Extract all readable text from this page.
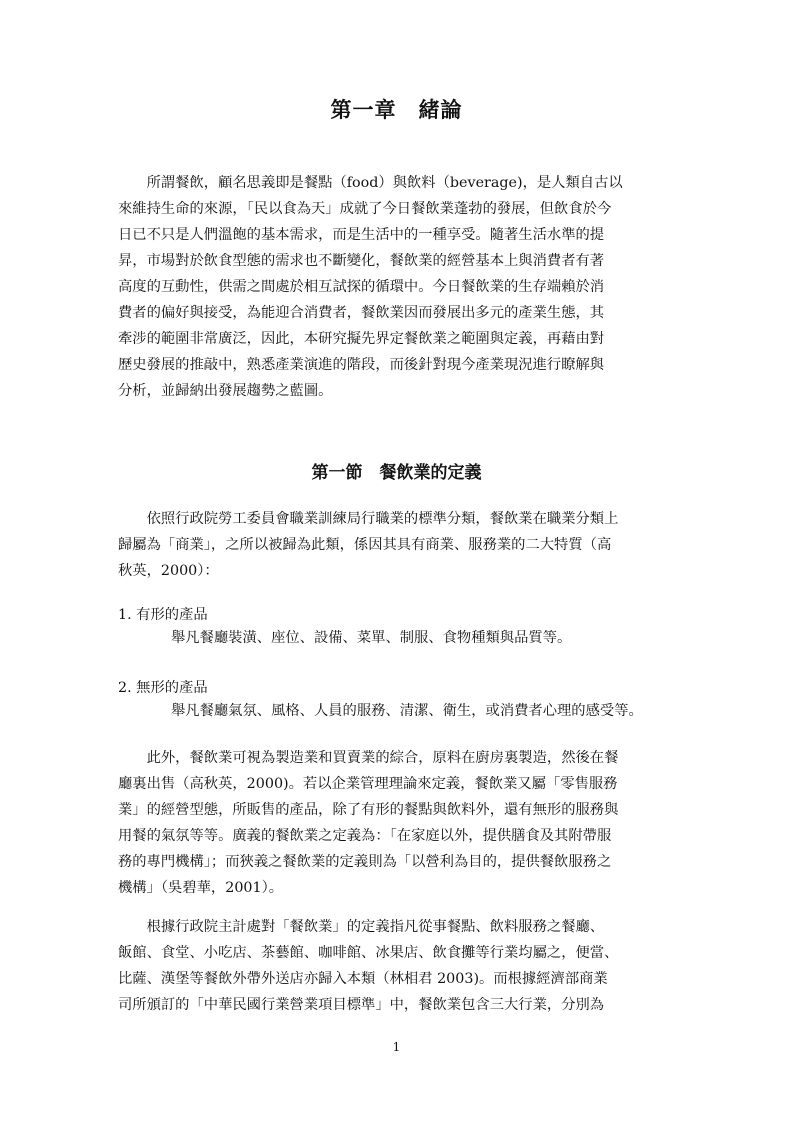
第一章　緒論
　　所謂餐飲，顧名思義即是餐點（food）與飲料（beverage)，是人類自古以
來維持生命的來源，「民以食為天」成就了今日餐飲業蓬勃的發展，但飲食於今
日已不只是人們溫飽的基本需求，而是生活中的一種享受。隨著生活水準的提
昇，市場對於飲食型態的需求也不斷變化，餐飲業的經營基本上與消費者有著
高度的互動性，供需之間處於相互試探的循環中。今日餐飲業的生存端賴於消
費者的偏好與接受，為能迎合消費者，餐飲業因而發展出多元的產業生態，其
牽涉的範圍非常廣泛，因此，本研究擬先界定餐飲業之範圍與定義，再藉由對
歷史發展的推敲中，熟悉產業演進的階段，而後針對現今產業現況進行瞭解與
分析，並歸納出發展趨勢之藍圖。
第一節　餐飲業的定義
　　依照行政院勞工委員會職業訓練局行職業的標準分類，餐飲業在職業分類上
歸屬為「商業」，之所以被歸為此類，係因其具有商業、服務業的二大特質（高
秋英，2000）：
1. 有形的產品
舉凡餐廳裝潢、座位、設備、菜單、制服、食物種類與品質等。
2. 無形的產品
舉凡餐廳氣氛、風格、人員的服務、清潔、衛生，或消費者心理的感受等。
　　此外，餐飲業可視為製造業和買賣業的綜合，原料在廚房裏製造，然後在餐
廳裏出售（高秋英，2000)。若以企業管理理論來定義，餐飲業又屬「零售服務
業」的經營型態，所販售的產品，除了有形的餐點與飲料外，還有無形的服務與
用餐的氣氛等等。廣義的餐飲業之定義為：「在家庭以外，提供膳食及其附帶服
務的專門機構」；而狹義之餐飲業的定義則為「以營利為目的，提供餐飲服務之
機構」（吳碧華，2001）。
　　根據行政院主計處對「餐飲業」的定義指凡從事餐點、飲料服務之餐廳、
飯館、食堂、小吃店、茶藝館、咖啡館、冰果店、飲食攤等行業均屬之，便當、
比薩、漢堡等餐飲外帶外送店亦歸入本類（林相君 2003)。而根據經濟部商業
司所頒訂的「中華民國行業營業項目標準」中，餐飲業包含三大行業，分別為
1
